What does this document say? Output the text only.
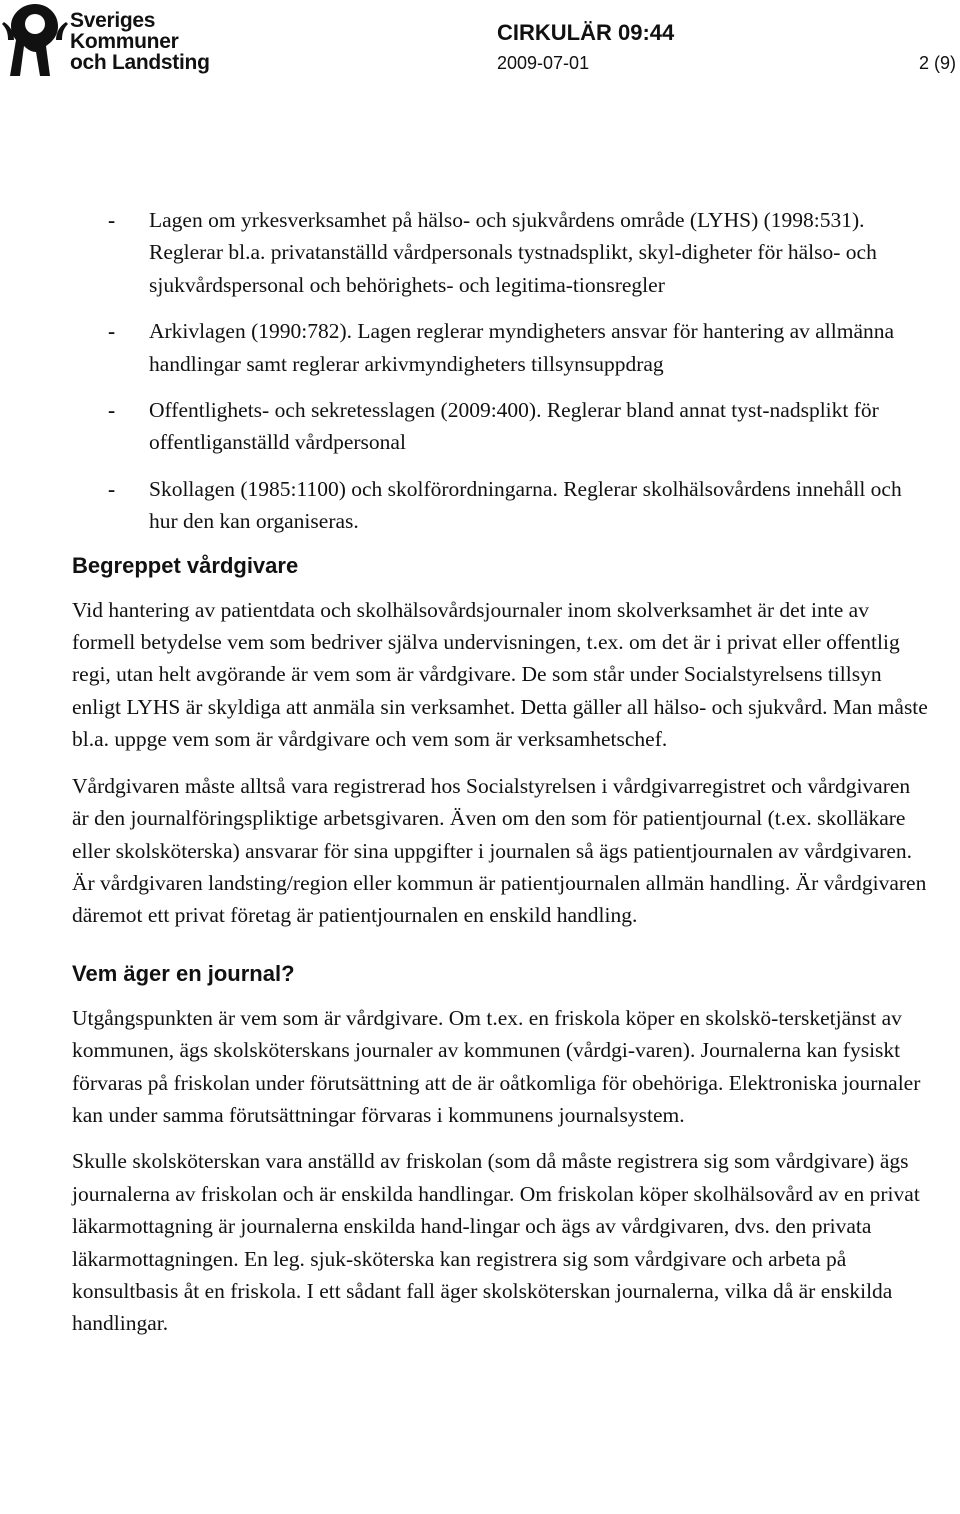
Sveriges
Kommuner
och Landsting
CIRKULÄR 09:44
2009-07-01	2 (9)
- Lagen om yrkesverksamhet på hälso- och sjukvårdens område (LYHS) (1998:531). Reglerar bl.a. privatanställd vårdpersonals tystnadsplikt, skyl-digheter för hälso- och sjukvårdspersonal och behörighets- och legitima-tionsregler
- Arkivlagen (1990:782). Lagen reglerar myndigheters ansvar för hantering av allmänna handlingar samt reglerar arkivmyndigheters tillsynsuppdrag
- Offentlighets- och sekretesslagen (2009:400). Reglerar bland annat tyst-nadsplikt för offentliganställd vårdpersonal
- Skollagen (1985:1100) och skolförordningarna. Reglerar skolhälsovårdens innehåll och hur den kan organiseras.
Begreppet vårdgivare

Vid hantering av patientdata och skolhälsovårdsjournaler inom skolverksamhet är det inte av formell betydelse vem som bedriver själva undervisningen, t.ex. om det är i privat eller offentlig regi, utan helt avgörande är vem som är vårdgivare. De som står under Socialstyrelsens tillsyn enligt LYHS är skyldiga att anmäla sin verksamhet. Detta gäller all hälso- och sjukvård. Man måste bl.a. uppge vem som är vårdgivare och vem som är verksamhetschef.

Vårdgivaren måste alltså vara registrerad hos Socialstyrelsen i vårdgivarregistret och vårdgivaren är den journalföringspliktige arbetsgivaren. Även om den som för patientjournal (t.ex. skolläkare eller skolsköterska) ansvarar för sina uppgifter i journalen så ägs patientjournalen av vårdgivaren. Är vårdgivaren landsting/region eller kommun är patientjournalen allmän handling. Är vårdgivaren däremot ett privat företag är patientjournalen en enskild handling.

Vem äger en journal?

Utgångspunkten är vem som är vårdgivare. Om t.ex. en friskola köper en skolskö-tersketjänst av kommunen, ägs skolsköterskans journaler av kommunen (vårdgi-varen). Journalerna kan fysiskt förvaras på friskolan under förutsättning att de är oåtkomliga för obehöriga. Elektroniska journaler kan under samma förutsättningar förvaras i kommunens journalsystem.

Skulle skolsköterskan vara anställd av friskolan (som då måste registrera sig som vårdgivare) ägs journalerna av friskolan och är enskilda handlingar. Om friskolan köper skolhälsovård av en privat läkarmottagning är journalerna enskilda hand-lingar och ägs av vårdgivaren, dvs. den privata läkarmottagningen. En leg. sjuk-sköterska kan registrera sig som vårdgivare och arbeta på konsultbasis åt en friskola. I ett sådant fall äger skolsköterskan journalerna, vilka då är enskilda handlingar.
